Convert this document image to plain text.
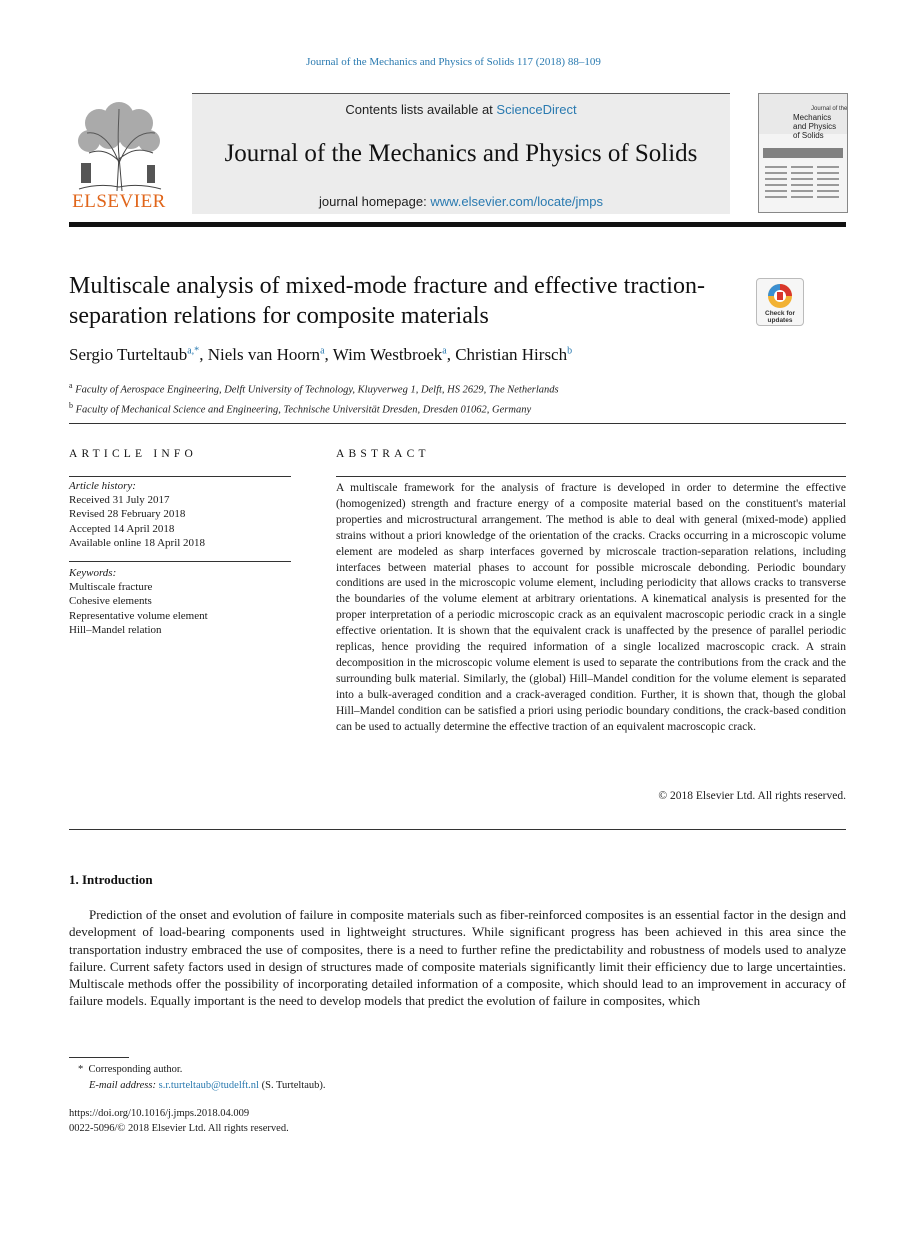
Journal of the Mechanics and Physics of Solids 117 (2018) 88–109
ELSEVIER
Contents lists available at ScienceDirect
Journal of the Mechanics and Physics of Solids
journal homepage: www.elsevier.com/locate/jmps
Journal of the
Mechanics
and Physics
of Solids
Multiscale analysis of mixed-mode fracture and effective traction-separation relations for composite materials	Check for
updates
Sergio Turteltaub$^{a,*}$, Niels van Hoorn$^a$, Wim Westbroek$^a$, Christian Hirsch$^b$
$^a$ Faculty of Aerospace Engineering, Delft University of Technology, Kluyverweg 1, Delft, HS 2629, The Netherlands
$^b$ Faculty of Mechanical Science and Engineering, Technische Universität Dresden, Dresden 01062, Germany
ARTICLE INFO
Article history:
Received 31 July 2017
Revised 28 February 2018
Accepted 14 April 2018
Available online 18 April 2018
Keywords:
Multiscale fracture
Cohesive elements
Representative volume element
Hill–Mandel relation
ABSTRACT
A multiscale framework for the analysis of fracture is developed in order to determine the effective (homogenized) strength and fracture energy of a composite material based on the constituent's material properties and microstructural arrangement. The method is able to deal with general (mixed-mode) applied strains without a priori knowledge of the orientation of the cracks. Cracks occurring in a microscopic volume element are modeled as sharp interfaces governed by microscale traction-separation relations, including interfaces between material phases to account for possible microscale debonding. Periodic boundary conditions are used in the microscopic volume element, including periodicity that allows cracks to transverse the boundaries of the volume element at arbitrary orientations. A kinematical analysis is presented for the proper interpretation of a periodic microscopic crack as an equivalent macroscopic periodic crack in a single effective orientation. It is shown that the equivalent crack is unaffected by the presence of parallel periodic replicas, hence providing the required information of a single localized macroscopic crack. A strain decomposition in the microscopic volume element is used to separate the contributions from the crack and the surrounding bulk material. Similarly, the (global) Hill–Mandel condition for the volume element is separated into a bulk-averaged condition and a crack-averaged condition. Further, it is shown that, though the global Hill–Mandel condition can be satisfied a priori using periodic boundary conditions, the crack-based condition can be used to actually determine the effective traction of an equivalent macroscopic crack.
© 2018 Elsevier Ltd. All rights reserved.
1. Introduction
Prediction of the onset and evolution of failure in composite materials such as fiber-reinforced composites is an essential factor in the design and development of load-bearing components used in lightweight structures. While significant progress has been achieved in this area since the transportation industry embraced the use of composites, there is a need to further refine the predictability and robustness of models used to analyze failure. Current safety factors used in design of structures made of composite materials significantly limit their efficiency due to large uncertainties. Multiscale methods offer the possibility of incorporating detailed information of a composite, which should lead to an improvement in accuracy of failure models. Equally important is the need to develop models that predict the evolution of failure in composites, which
* Corresponding author.
E-mail address: s.r.turteltaub@tudelft.nl (S. Turteltaub).
https://doi.org/10.1016/j.jmps.2018.04.009
0022-5096/© 2018 Elsevier Ltd. All rights reserved.
